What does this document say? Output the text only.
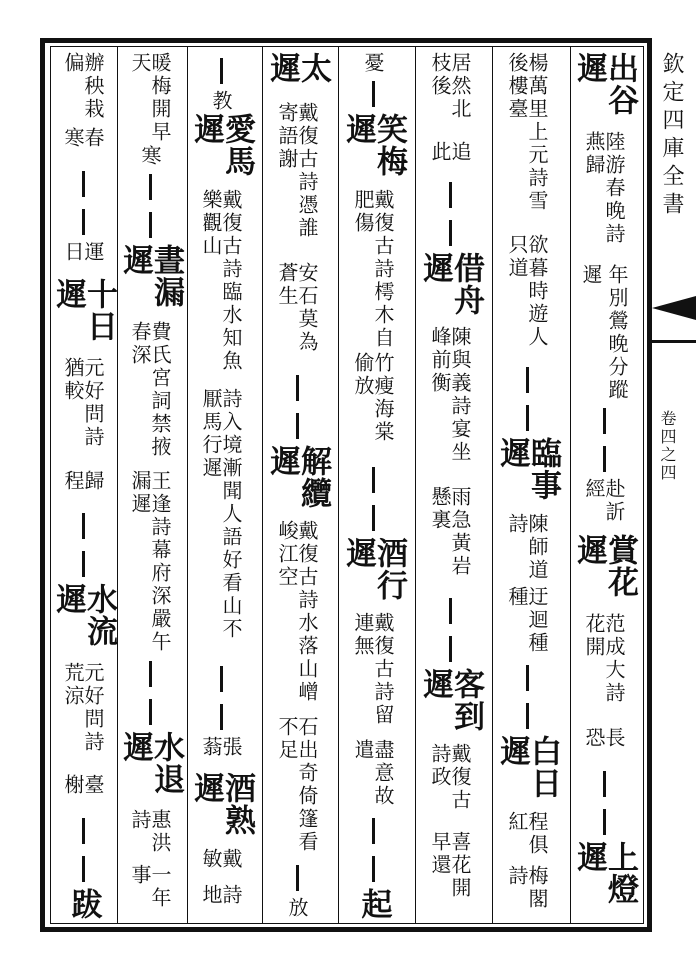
欽定四庫全書
卷四之四
出谷遲
陸游春晚詩燕歸
年別鶯晚分蹤
遲
赴訢經
賞花遲
范成大詩花開
長恐
上燈遲
楊萬里上元詩雪後樓臺
欲暮時遊人只道
臨事遲
陳師道詩
迂迴種種
白日遲
程俱紅
梅閣詩
居然北枝後
追此
借舟遲
陳與義詩宴坐峰前衡
雨急黃岩懸裏
客到遲
戴復古詩政
喜花開早還
憂
笑梅遲
戴復古詩樗木自肥傷
竹瘦海棠偷放
酒行遲
戴復古詩留連無
盡意故遣
起
太遲
戴復古詩憑誰寄語謝
安石莫為蒼生
解纜遲
戴復古詩水落山嶒峻江空
石出奇倚篷看不足
放
教
愛馬遲
戴復古詩臨水知魚樂觀山
詩入境漸聞人語好看山不厭馬行遲
張蓊
酒熟遲
戴敏
詩地
暖梅開早天
寒
晝漏遲
費氏宮詞禁掖春深
王逢詩幕府深嚴午漏遲
水退遲
惠洪詩
一年事
辦秧栽偏
春寒
運日
十日遲
元好問詩猶較
歸程
水流遲
元好問詩荒涼
臺榭
跋
